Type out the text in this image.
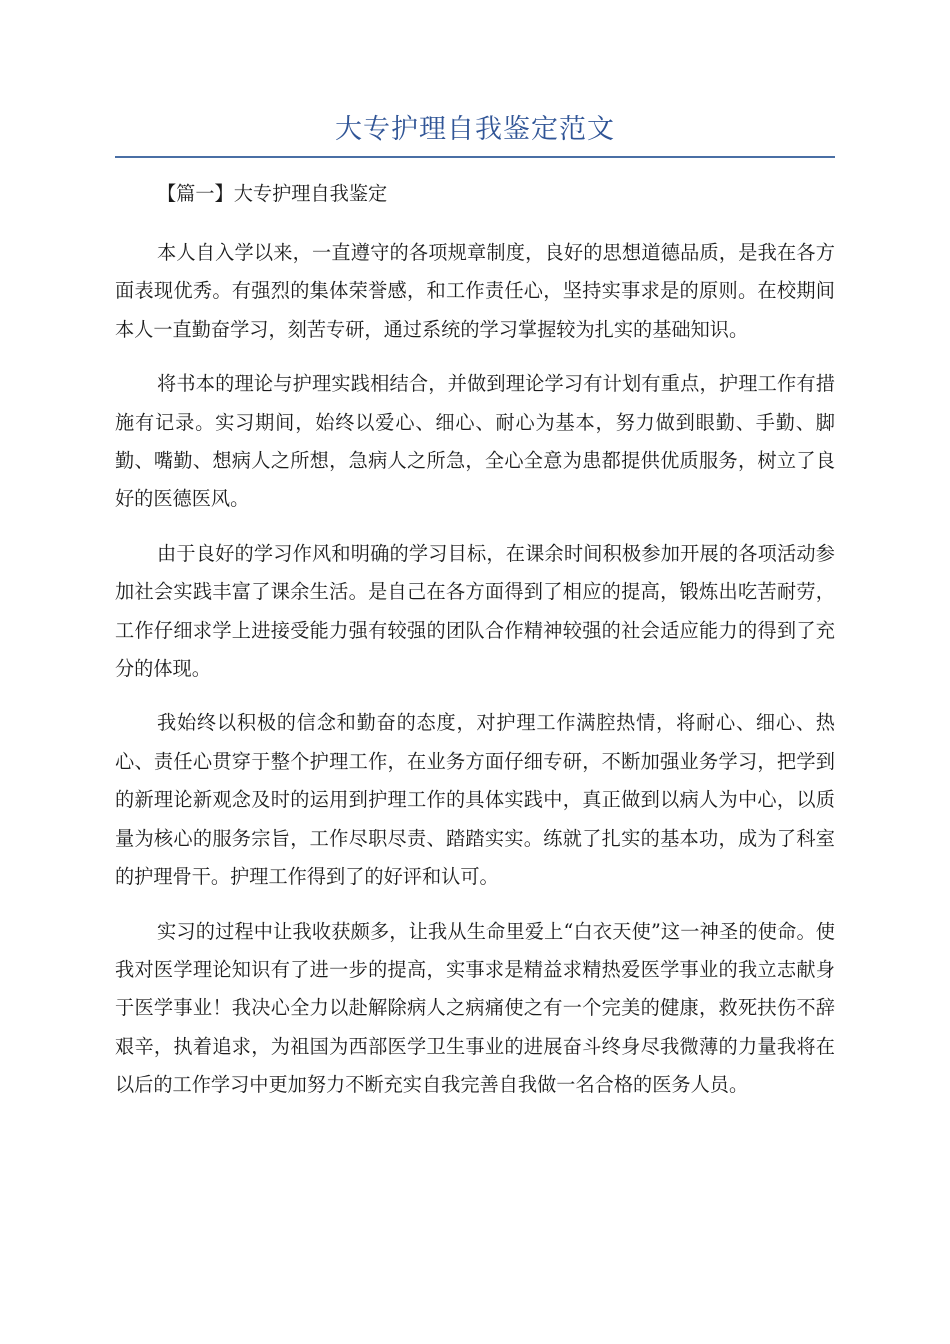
大专护理自我鉴定范文
【篇一】大专护理自我鉴定

本人自入学以来，一直遵守的各项规章制度，良好的思想道德品质，是我在各方面表现优秀。有强烈的集体荣誉感，和工作责任心，坚持实事求是的原则。在校期间本人一直勤奋学习，刻苦专研，通过系统的学习掌握较为扎实的基础知识。

将书本的理论与护理实践相结合，并做到理论学习有计划有重点，护理工作有措施有记录。实习期间，始终以爱心、细心、耐心为基本，努力做到眼勤、手勤、脚勤、嘴勤、想病人之所想，急病人之所急，全心全意为患都提供优质服务，树立了良好的医德医风。

由于良好的学习作风和明确的学习目标，在课余时间积极参加开展的各项活动参加社会实践丰富了课余生活。是自己在各方面得到了相应的提高，锻炼出吃苦耐劳，工作仔细求学上进接受能力强有较强的团队合作精神较强的社会适应能力的得到了充分的体现。

我始终以积极的信念和勤奋的态度，对护理工作满腔热情，将耐心、细心、热心、责任心贯穿于整个护理工作，在业务方面仔细专研，不断加强业务学习，把学到的新理论新观念及时的运用到护理工作的具体实践中，真正做到以病人为中心，以质量为核心的服务宗旨，工作尽职尽责、踏踏实实。练就了扎实的基本功，成为了科室的护理骨干。护理工作得到了的好评和认可。

实习的过程中让我收获颇多，让我从生命里爱上“白衣天使”这一神圣的使命。使我对医学理论知识有了进一步的提高，实事求是精益求精热爱医学事业的我立志献身于医学事业！我决心全力以赴解除病人之病痛使之有一个完美的健康，救死扶伤不辞艰辛，执着追求，为祖国为西部医学卫生事业的进展奋斗终身尽我微薄的力量我将在以后的工作学习中更加努力不断充实自我完善自我做一名合格的医务人员。
